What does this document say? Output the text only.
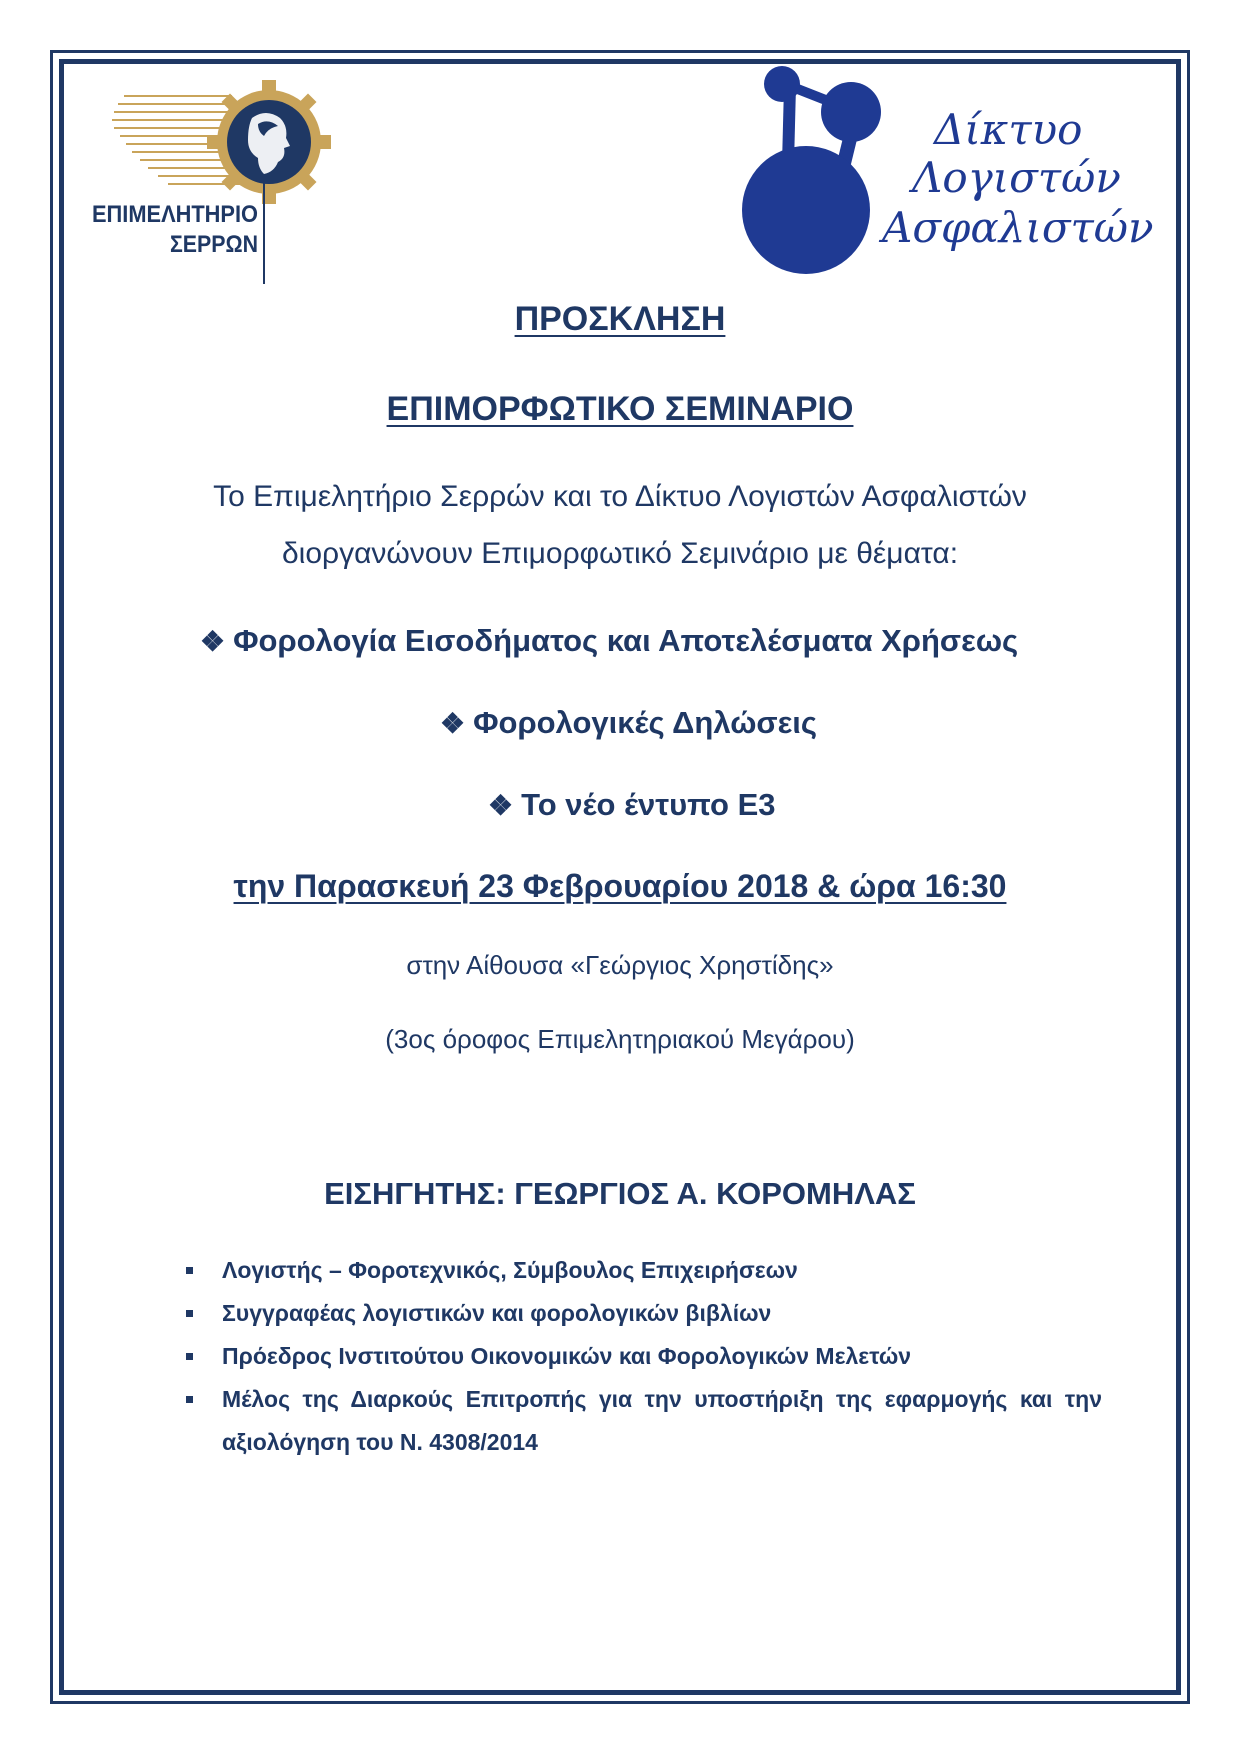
ΕΠΙΜΕΛΗΤΗΡΙΟ
ΣΕΡΡΩΝ
Δίκτυο
Λογιστών
Ασφαλιστών
ΠΡΟΣΚΛΗΣΗ
ΕΠΙΜΟΡΦΩΤΙΚΟ ΣΕΜΙΝΑΡΙΟ
Το Επιμελητήριο Σερρών και το Δίκτυο Λογιστών Ασφαλιστών
διοργανώνουν Επιμορφωτικό Σεμινάριο με θέματα:
❖ Φορολογία Εισοδήματος και Αποτελέσματα Χρήσεως
❖ Φορολογικές Δηλώσεις
❖ Το νέο έντυπο Ε3
την Παρασκευή 23 Φεβρουαρίου 2018 & ώρα 16:30
στην Αίθουσα «Γεώργιος Χρηστίδης»
(3ος όροφος Επιμελητηριακού Μεγάρου)
ΕΙΣΗΓΗΤΗΣ: ΓΕΩΡΓΙΟΣ Α. ΚΟΡΟΜΗΛΑΣ
Λογιστής – Φοροτεχνικός, Σύμβουλος Επιχειρήσεων
Συγγραφέας λογιστικών και φορολογικών βιβλίων
Πρόεδρος Ινστιτούτου Οικονομικών και Φορολογικών Μελετών
Μέλος της Διαρκούς Επιτροπής για την υποστήριξη της εφαρμογής και την αξιολόγηση του Ν. 4308/2014
